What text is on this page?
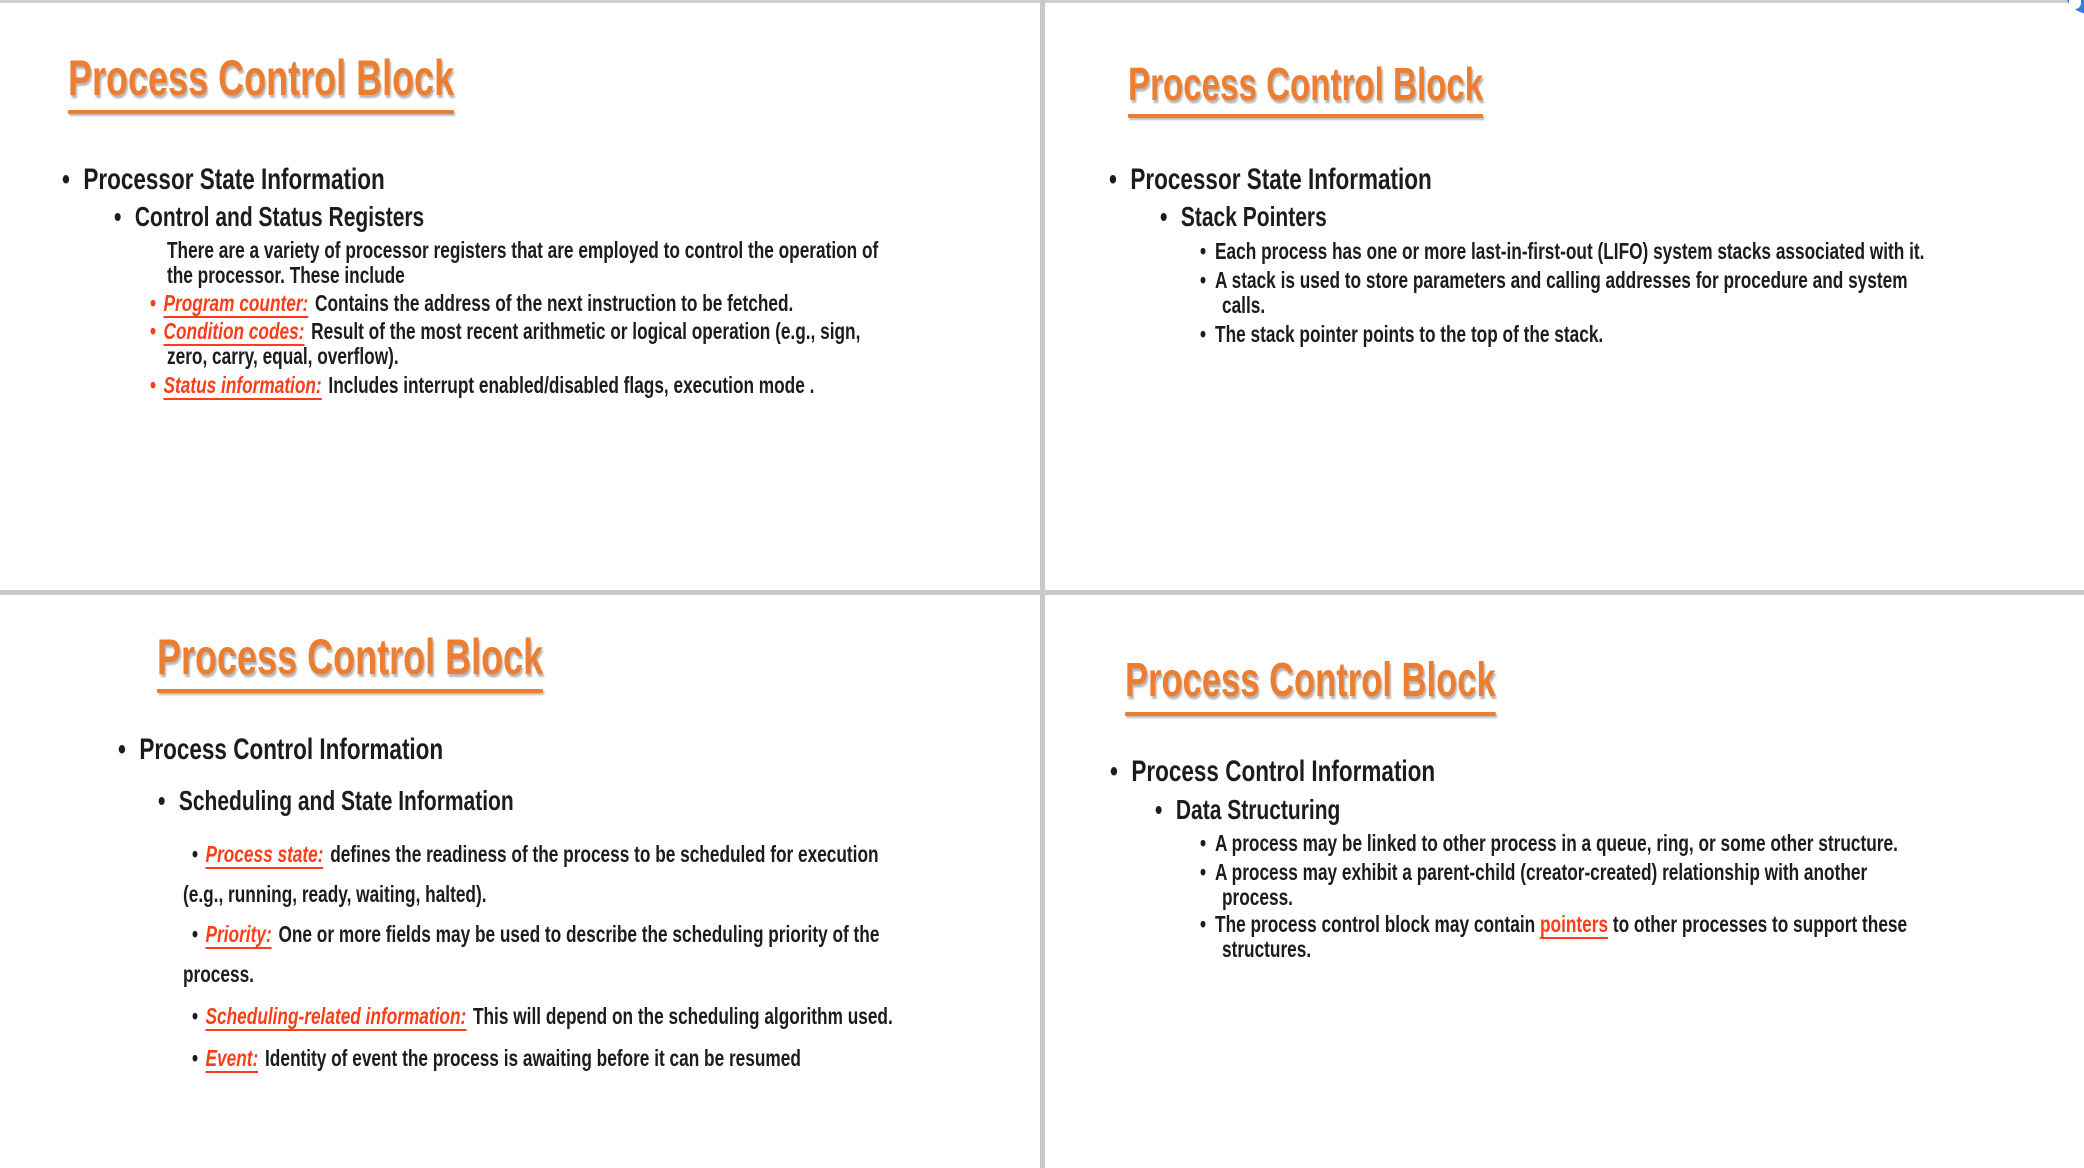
Process Control Block
•Processor State Information
•Control and Status Registers
There are a variety of processor registers that are employed to control the operation of
the processor. These include
•Program counter: Contains the address of the next instruction to be fetched.
•Condition codes: Result of the most recent arithmetic or logical operation (e.g., sign,
zero, carry, equal, overflow).
•Status information: Includes interrupt enabled/disabled flags, execution mode .
Process Control Block
•Processor State Information
•Stack Pointers
•Each process has one or more last-in-first-out (LIFO) system stacks associated with it.
•A stack is used to store parameters and calling addresses for procedure and system
calls.
•The stack pointer points to the top of the stack.
Process Control Block
•Process Control Information
•Scheduling and State Information
•Process state: defines the readiness of the process to be scheduled for execution
(e.g., running, ready, waiting, halted).
•Priority: One or more fields may be used to describe the scheduling priority of the
process.
•Scheduling-related information: This will depend on the scheduling algorithm used.
•Event: Identity of event the process is awaiting before it can be resumed
Process Control Block
•Process Control Information
•Data Structuring
•A process may be linked to other process in a queue, ring, or some other structure.
•A process may exhibit a parent-child (creator-created) relationship with another
process.
•The process control block may contain pointers to other processes to support these
structures.
